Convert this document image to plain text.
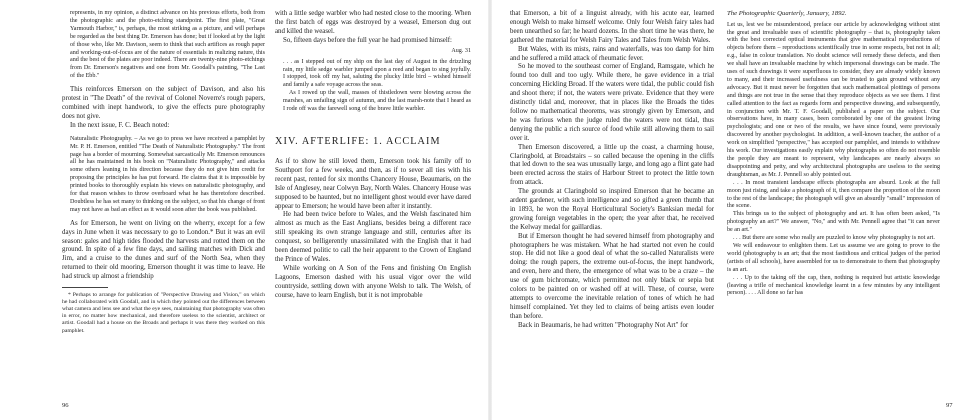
represents, in my opinion, a distinct advance on his previous efforts, both from the photographic and the photo-etching standpoint. The first plate, "Great Yarmouth Harbor," is, perhaps, the most striking as a picture, and will perhaps be regarded as the best thing Dr. Emerson has done; but if looked at by the light of those who, like Mr. Davison, seem to think that such artifices as rough paper and working-out-of-focus are of the nature of essentials in realizing nature, this and the best of the plates are poor indeed. There are twenty-nine photo-etchings from Dr. Emerson's negatives and one from Mr. Goodall's painting, "The Last of the Ebb."

This reinforces Emerson on the subject of Davison, and also his protest in "The Death" of the revival of Colonel Noverre's rough papers, combined with inept handwork, to give the effects pure photography does not give.

In the next issue, F. C. Beach noted:

Naturalistic Photography. – As we go to press we have received a pamphlet by Mr. P. H. Emerson, entitled "The Death of Naturalistic Photography." The front page has a border of mourning. Somewhat sarcastically Mr. Emerson renounces all he has maintained in his book on "Naturalistic Photography," and attacks some others leaning in his direction because they do not give him credit for proposing the principles he has put forward. He claims that it is impossible by printed books to thoroughly explain his views on naturalistic photography, and for that reason wishes to throw overboard what he has theretofore described. Doubtless he has set many to thinking on the subject, so that his change of front may not have as bad an effect as it would soon after the book was published.

As for Emerson, he went on living on the wherry, except for a few days in June when it was necessary to go to London.* But it was an evil season: gales and high tides flooded the harvests and rotted them on the ground. In spite of a few fine days, and sailing matches with Dick and Jim, and a cruise to the dunes and surf of the North Sea, when they returned to their old mooring, Emerson thought it was time to leave. He had struck up almost a friendship

* Perhaps to arrange for publication of "Perspective Drawing and Vision," on which he had collaborated with Goodall, and in which they pointed out the differences between what camera and lens see and what the eye sees, maintaining that photography was often in error, no matter how mechanical, and therefore useless to the scientist, architect or artist. Goodall had a house on the Broads and perhaps it was there they worked on this pamphlet.

with a little sedge warbler who had nested close to the mooring. When the first batch of eggs was destroyed by a weasel, Emerson dug out and killed the weasel.

So, fifteen days before the full year he had promised himself:

Aug. 31

. . . as I stepped out of my ship on the last day of August in the drizzling rain, my little sedge warbler jumped upon a reed and began to sing joyfully. I stopped, took off my hat, saluting the plucky little bird – wished himself and family a safe voyage across the seas.

As I rowed up the wall, masses of thistledown were blowing across the marshes, an unfailing sign of autumn, and the last marsh-note that I heard as I rode off was the farewell song of the brave little warbler.

XIV. AFTERLIFE: 1. ACCLAIM

As if to show he still loved them, Emerson took his family off to Southport for a few weeks, and then, as if to sever all ties with his recent past, rented for six months Chancery House, Beaumaris, on the Isle of Anglesey, near Colwyn Bay, North Wales. Chancery House was supposed to be haunted, but no intelligent ghost would ever have dared appear to Emerson; he would have been after it instantly.

He had been twice before to Wales, and the Welsh fascinated him almost as much as the East Anglians, besides being a different race still speaking its own strange language and still, centuries after its conquest, so belligerently unassimilated with the English that it had been deemed politic to call the heir apparent to the Crown of England the Prince of Wales.

While working on A Son of the Fens and finishing On English Lagoons, Emerson dashed with his usual vigor over the wild countryside, settling down with anyone Welsh to talk. The Welsh, of course, have to learn English, but it is not improbable

that Emerson, a bit of a linguist already, with his acute ear, learned enough Welsh to make himself welcome. Only four Welsh fairy tales had been unearthed so far; he heard dozens. In the short time he was there, he gathered the material for Welsh Fairy Tales and Tales from Welsh Wales.

But Wales, with its mists, rains and waterfalls, was too damp for him and he suffered a mild attack of rheumatic fever.

So he moved to the southeast corner of England, Ramsgate, which he found too dull and too ugly. While there, he gave evidence in a trial concerning Hickling Broad. If the waters were tidal, the public could fish and shoot there; if not, the waters were private. Evidence that they were distinctly tidal and, moreover, that in places like the Broads the tides follow no mathematical theorems, was strongly given by Emerson, and he was furious when the judge ruled the waters were not tidal, thus denying the public a rich source of food while still allowing them to sail over it.

Then Emerson discovered, a little up the coast, a charming house, Claringbold, at Broadstairs – so called because the opening in the cliffs that led down to the sea was unusually large, and long ago a flint gate had been erected across the stairs of Harbour Street to protect the little town from attack.

The grounds at Claringbold so inspired Emerson that he became an ardent gardener, with such intelligence and so gifted a green thumb that in 1893, he won the Royal Horticultural Society's Banksian medal for growing foreign vegetables in the open; the year after that, he received the Kelway medal for gaillardias.

But if Emerson thought he had severed himself from photography and photographers he was mistaken. What he had started not even he could stop. He did not like a good deal of what the so-called Naturalists were doing: the rough papers, the extreme out-of-focus, the inept handwork, and even, here and there, the emergence of what was to be a craze – the use of gum bichromate, which permitted not only black or sepia but colors to be painted on or washed off at will. These, of course, were attempts to overcome the inevitable relation of tones of which he had himself complained. Yet they led to claims of being artists even louder than before.

Back in Beaumaris, he had written "Photography Not Art" for

The Photographic Quarterly, January, 1892.

Let us, lest we be misunderstood, preface our article by acknowledging without stint the great and invaluable uses of scientific photography – that is, photography taken with the best corrected optical instruments that give mathematical reproductions of objects before them – reproductions scientifically true in some respects, but not in all; e.g., false in colour translation. No doubt science will remedy these defects, and then we shall have an invaluable machine by which impersonal drawings can be made. The uses of such drawings it were superfluous to consider, they are already widely known to many, and their increased usefulness can be trusted to gain ground without any advocacy. But it must never be forgotten that such mathematical plottings of persons and things are not true in the sense that they reproduce objects as we see them. I first called attention to the fact as regards form and perspective drawing, and subsequently, in conjunction with Mr. T. F. Goodall, published a paper on the subject. Our observations have, in many cases, been corroborated by one of the greatest living psychologists; and one or two of the results, we have since found, were previously discovered by another psychologist. In addition, a well-known teacher, the author of a work on simplified "perspective," has accepted our pamphlet, and intends to withdraw his work. Our investigations easily explain why photographs so often do not resemble the people they are meant to represent, why landscapes are nearly always so disappointing and petty, and why architectural photographs are useless to the seeing draughtsman, as Mr. J. Pennell so ably pointed out.

. . . In most transient landscape effects photographs are absurd. Look at the full moon just rising, and take a photograph of it, then compare the proportion of the moon to the rest of the landscape; the photograph will give an absurdly "small" impression of the scene.

This brings us to the subject of photography and art. It has often been asked, "Is photography an art?" We answer, "No," and with Mr. Pennell agree that "it can never be an art."

. . . But there are some who really are puzzled to know why photography is not art.

We will endeavour to enlighten them. Let us assume we are going to prove to the world (photography is an art; that the most fastidious and critical judges of the period (artists of all schools), have assembled for us to demonstrate to them that photography is an art.

. . . Up to the taking off the cap, then, nothing is required but artistic knowledge (leaving a trifle of mechanical knowledge learnt in a few minutes by any intelligent person). . . . All done so far has

96	97
